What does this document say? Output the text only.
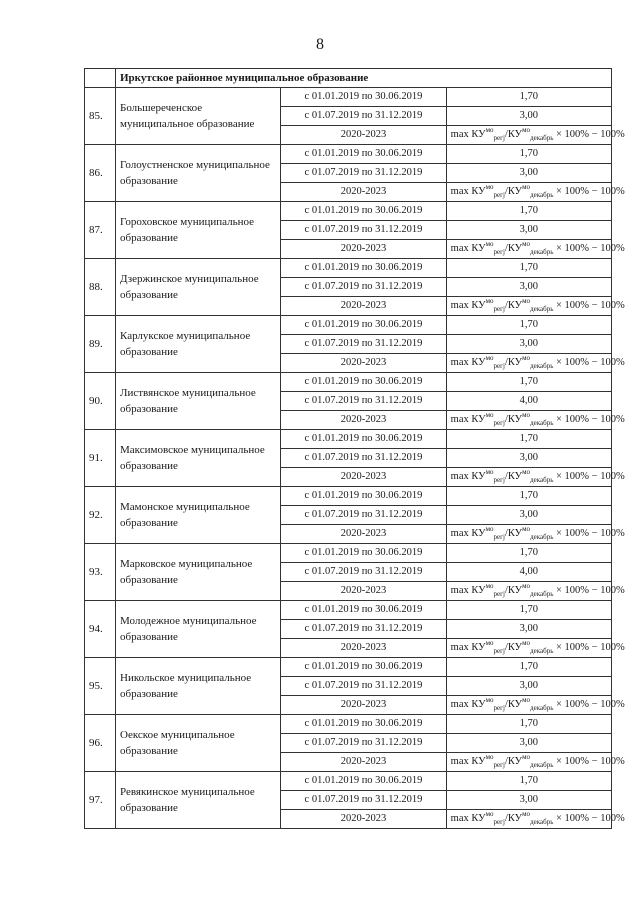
8
	Иркутское районное муниципальное образование		
85.	Большереченское муниципальное образование	с 01.01.2019 по 30.06.2019	1,70
		с 01.07.2019 по 31.12.2019	3,00
		2020-2023	$\max КУ^{мо}_{регj}/КУ^{мо}_{декабрь} \times 100\% - 100\%$
86.	Голоустненское муниципальное образование	с 01.01.2019 по 30.06.2019	1,70
		с 01.07.2019 по 31.12.2019	3,00
		2020-2023	$\max КУ^{мо}_{регj}/КУ^{мо}_{декабрь} \times 100\% - 100\%$
87.	Гороховское муниципальное образование	с 01.01.2019 по 30.06.2019	1,70
		с 01.07.2019 по 31.12.2019	3,00
		2020-2023	$\max КУ^{мо}_{регj}/КУ^{мо}_{декабрь} \times 100\% - 100\%$
88.	Дзержинское муниципальное образование	с 01.01.2019 по 30.06.2019	1,70
		с 01.07.2019 по 31.12.2019	3,00
		2020-2023	$\max КУ^{мо}_{регj}/КУ^{мо}_{декабрь} \times 100\% - 100\%$
89.	Карлукское муниципальное образование	с 01.01.2019 по 30.06.2019	1,70
		с 01.07.2019 по 31.12.2019	3,00
		2020-2023	$\max КУ^{мо}_{регj}/КУ^{мо}_{декабрь} \times 100\% - 100\%$
90.	Листвянское муниципальное образование	с 01.01.2019 по 30.06.2019	1,70
		с 01.07.2019 по 31.12.2019	4,00
		2020-2023	$\max КУ^{мо}_{регj}/КУ^{мо}_{декабрь} \times 100\% - 100\%$
91.	Максимовское муниципальное образование	с 01.01.2019 по 30.06.2019	1,70
		с 01.07.2019 по 31.12.2019	3,00
		2020-2023	$\max КУ^{мо}_{регj}/КУ^{мо}_{декабрь} \times 100\% - 100\%$
92.	Мамонское муниципальное образование	с 01.01.2019 по 30.06.2019	1,70
		с 01.07.2019 по 31.12.2019	3,00
		2020-2023	$\max КУ^{мо}_{регj}/КУ^{мо}_{декабрь} \times 100\% - 100\%$
93.	Марковское муниципальное образование	с 01.01.2019 по 30.06.2019	1,70
		с 01.07.2019 по 31.12.2019	4,00
		2020-2023	$\max КУ^{мо}_{регj}/КУ^{мо}_{декабрь} \times 100\% - 100\%$
94.	Молодежное муниципальное образование	с 01.01.2019 по 30.06.2019	1,70
		с 01.07.2019 по 31.12.2019	3,00
		2020-2023	$\max КУ^{мо}_{регj}/КУ^{мо}_{декабрь} \times 100\% - 100\%$
95.	Никольское муниципальное образование	с 01.01.2019 по 30.06.2019	1,70
		с 01.07.2019 по 31.12.2019	3,00
		2020-2023	$\max КУ^{мо}_{регj}/КУ^{мо}_{декабрь} \times 100\% - 100\%$
96.	Оекское муниципальное образование	с 01.01.2019 по 30.06.2019	1,70
		с 01.07.2019 по 31.12.2019	3,00
		2020-2023	$\max КУ^{мо}_{регj}/КУ^{мо}_{декабрь} \times 100\% - 100\%$
97.	Ревякинское муниципальное образование	с 01.01.2019 по 30.06.2019	1,70
		с 01.07.2019 по 31.12.2019	3,00
		2020-2023	$\max КУ^{мо}_{регj}/КУ^{мо}_{декабрь} \times 100\% - 100\%$
